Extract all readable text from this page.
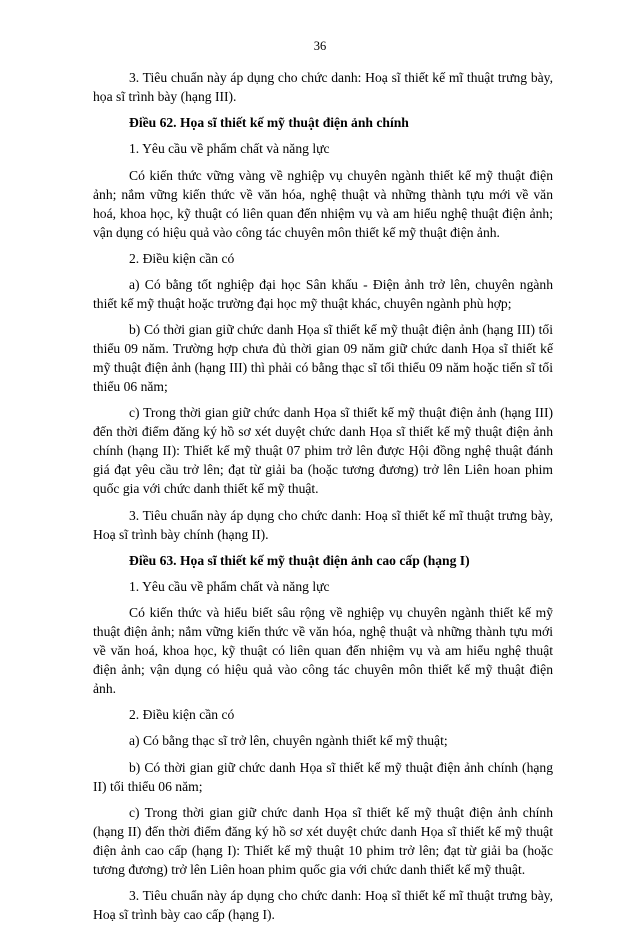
36

3. Tiêu chuẩn này áp dụng cho chức danh: Hoạ sĩ thiết kế mĩ thuật trưng bày, họa sĩ trình bày (hạng III).

Điều 62. Họa sĩ thiết kế mỹ thuật điện ảnh chính

1. Yêu cầu về phẩm chất và năng lực

Có kiến thức vững vàng về nghiệp vụ chuyên ngành thiết kế mỹ thuật điện ảnh; nắm vững kiến thức về văn hóa, nghệ thuật và những thành tựu mới về văn hoá, khoa học, kỹ thuật có liên quan đến nhiệm vụ và am hiểu nghệ thuật điện ảnh; vận dụng có hiệu quả vào công tác chuyên môn thiết kế mỹ thuật điện ảnh.

2. Điều kiện cần có

a) Có bằng tốt nghiệp đại học Sân khấu - Điện ảnh trở lên, chuyên ngành thiết kế mỹ thuật hoặc trường đại học mỹ thuật khác, chuyên ngành phù hợp;

b) Có thời gian giữ chức danh Họa sĩ thiết kế mỹ thuật điện ảnh (hạng III) tối thiểu 09 năm. Trường hợp chưa đủ thời gian 09 năm giữ chức danh Họa sĩ thiết kế mỹ thuật điện ảnh (hạng III) thì phải có bằng thạc sĩ tối thiểu 09 năm hoặc tiến sĩ tối thiểu 06 năm;

c) Trong thời gian giữ chức danh Họa sĩ thiết kế mỹ thuật điện ảnh (hạng III) đến thời điểm đăng ký hồ sơ xét duyệt chức danh Họa sĩ thiết kế mỹ thuật điện ảnh chính (hạng II): Thiết kế mỹ thuật 07 phim trở lên được Hội đồng nghệ thuật đánh giá đạt yêu cầu trở lên; đạt từ giải ba (hoặc tương đương) trở lên Liên hoan phim quốc gia với chức danh thiết kế mỹ thuật.

3. Tiêu chuẩn này áp dụng cho chức danh: Hoạ sĩ thiết kế mĩ thuật trưng bày, Hoạ sĩ trình bày chính (hạng II).

Điều 63. Họa sĩ thiết kế mỹ thuật điện ảnh cao cấp (hạng I)

1. Yêu cầu về phẩm chất và năng lực

Có kiến thức và hiểu biết sâu rộng về nghiệp vụ chuyên ngành thiết kế mỹ thuật điện ảnh; nắm vững kiến thức về văn hóa, nghệ thuật và những thành tựu mới về văn hoá, khoa học, kỹ thuật có liên quan đến nhiệm vụ và am hiểu nghệ thuật điện ảnh; vận dụng có hiệu quả vào công tác chuyên môn thiết kế mỹ thuật điện ảnh.

2. Điều kiện cần có

a) Có bằng thạc sĩ trở lên, chuyên ngành thiết kế mỹ thuật;

b) Có thời gian giữ chức danh Họa sĩ thiết kế mỹ thuật điện ảnh chính (hạng II) tối thiểu 06 năm;

c) Trong thời gian giữ chức danh Họa sĩ thiết kế mỹ thuật điện ảnh chính (hạng II) đến thời điểm đăng ký hồ sơ xét duyệt chức danh Họa sĩ thiết kế mỹ thuật điện ảnh cao cấp (hạng I): Thiết kế mỹ thuật 10 phim trở lên; đạt từ giải ba (hoặc tương đương) trở lên Liên hoan phim quốc gia với chức danh thiết kế mỹ thuật.

3. Tiêu chuẩn này áp dụng cho chức danh: Hoạ sĩ thiết kế mĩ thuật trưng bày, Hoạ sĩ trình bày cao cấp (hạng I).
